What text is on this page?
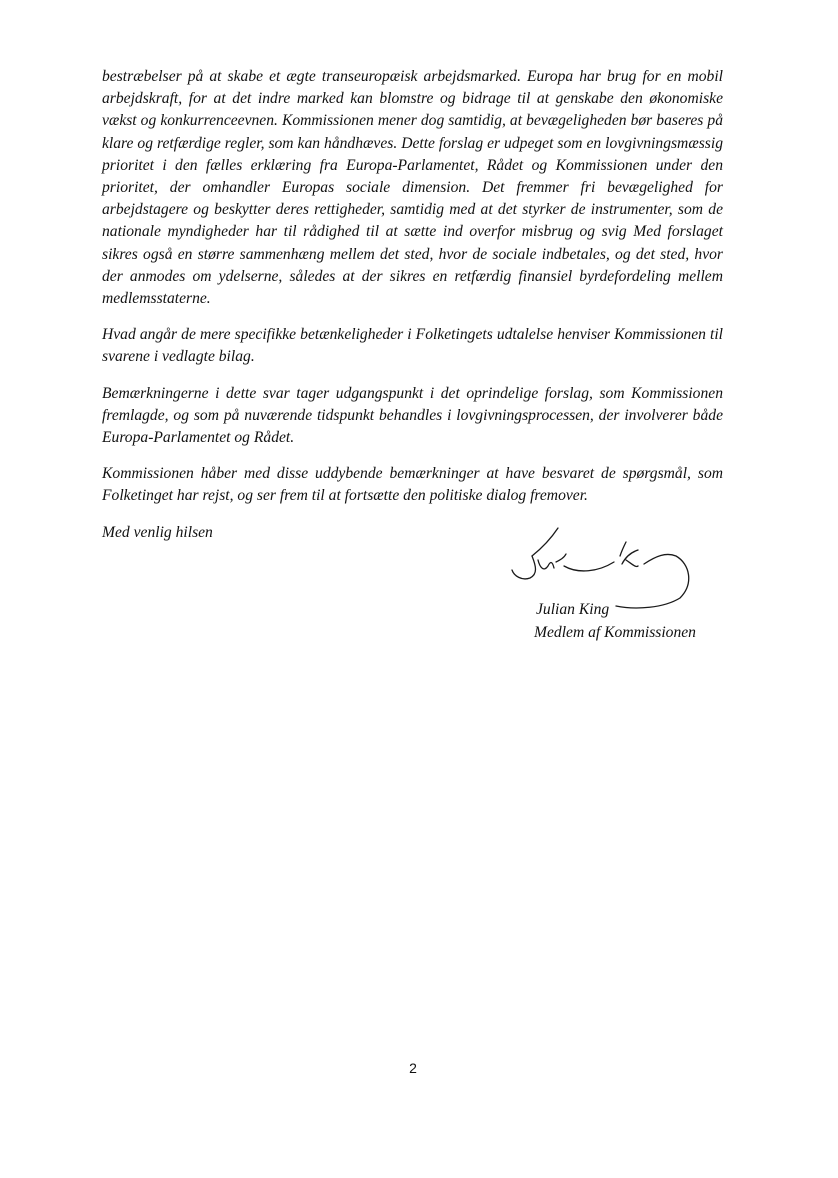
bestræbelser på at skabe et ægte transeuropæisk arbejdsmarked. Europa har brug for en mobil arbejdskraft, for at det indre marked kan blomstre og bidrage til at genskabe den økonomiske vækst og konkurrenceevnen. Kommissionen mener dog samtidig, at bevægeligheden bør baseres på klare og retfærdige regler, som kan håndhæves. Dette forslag er udpeget som en lovgivningsmæssig prioritet i den fælles erklæring fra Europa-Parlamentet, Rådet og Kommissionen under den prioritet, der omhandler Europas sociale dimension. Det fremmer fri bevægelighed for arbejdstagere og beskytter deres rettigheder, samtidig med at det styrker de instrumenter, som de nationale myndigheder har til rådighed til at sætte ind overfor misbrug og svig Med forslaget sikres også en større sammenhæng mellem det sted, hvor de sociale indbetales, og det sted, hvor der anmodes om ydelserne, således at der sikres en retfærdig finansiel byrdefordeling mellem medlemsstaterne.

Hvad angår de mere specifikke betænkeligheder i Folketingets udtalelse henviser Kommissionen til svarene i vedlagte bilag.

Bemærkningerne i dette svar tager udgangspunkt i det oprindelige forslag, som Kommissionen fremlagde, og som på nuværende tidspunkt behandles i lovgivningsprocessen, der involverer både Europa-Parlamentet og Rådet.

Kommissionen håber med disse uddybende bemærkninger at have besvaret de spørgsmål, som Folketinget har rejst, og ser frem til at fortsætte den politiske dialog fremover.

Med venlig hilsen

Julian King
Medlem af Kommissionen
2
